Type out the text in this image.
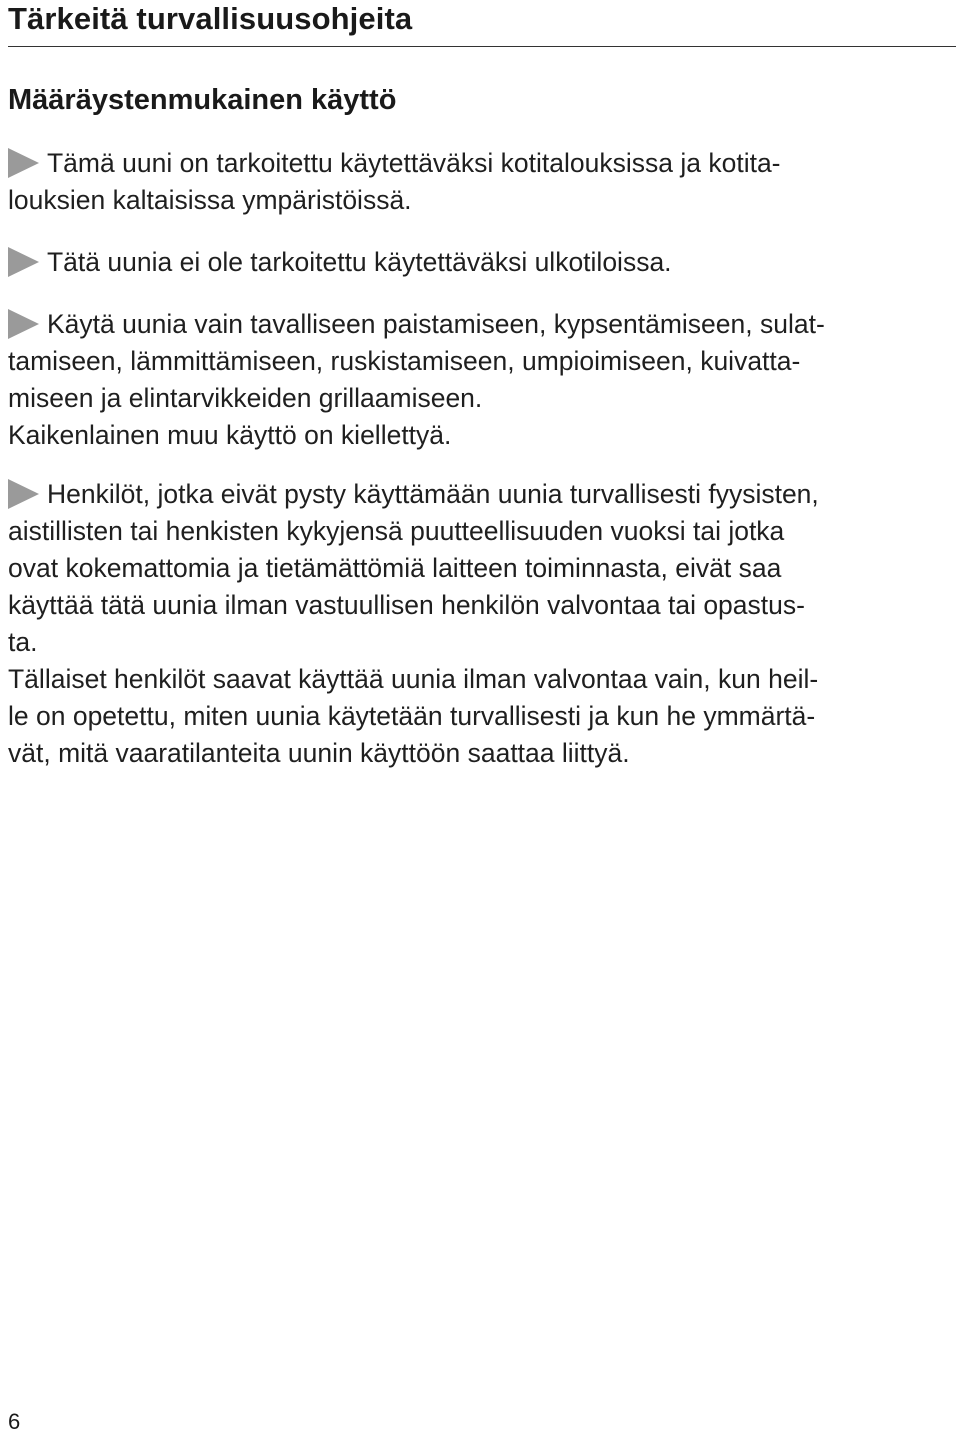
Tärkeitä turvallisuusohjeita
Määräystenmukainen käyttö
Tämä uuni on tarkoitettu käytettäväksi kotitalouksissa ja kotita-
louksien kaltaisissa ympäristöissä.
Tätä uunia ei ole tarkoitettu käytettäväksi ulkotiloissa.
Käytä uunia vain tavalliseen paistamiseen, kypsentämiseen, sulat-
tamiseen, lämmittämiseen, ruskistamiseen, umpioimiseen, kuivatta-
miseen ja elintarvikkeiden grillaamiseen.
Kaikenlainen muu käyttö on kiellettyä.
Henkilöt, jotka eivät pysty käyttämään uunia turvallisesti fyysisten,
aistillisten tai henkisten kykyjensä puutteellisuuden vuoksi tai jotka
ovat kokemattomia ja tietämättömiä laitteen toiminnasta, eivät saa
käyttää tätä uunia ilman vastuullisen henkilön valvontaa tai opastus-
ta.
Tällaiset henkilöt saavat käyttää uunia ilman valvontaa vain, kun heil-
le on opetettu, miten uunia käytetään turvallisesti ja kun he ymmärtä-
vät, mitä vaaratilanteita uunin käyttöön saattaa liittyä.
6
